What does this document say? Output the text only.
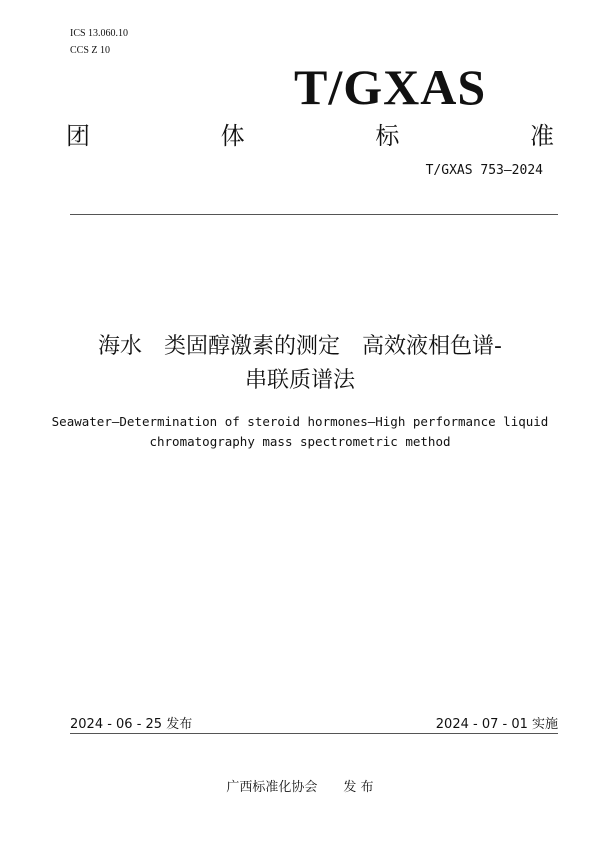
ICS 13.060.10
CCS Z 10
T/GXAS
团	体	标	准
T/GXAS 753—2024
海水　类固醇激素的测定　高效液相色谱-
串联质谱法
Seawater—Determination of steroid hormones—High performance liquid
chromatography mass spectrometric method
2024 - 06 - 25 发布	2024 - 07 - 01 实施
广西标准化协会　　发 布
